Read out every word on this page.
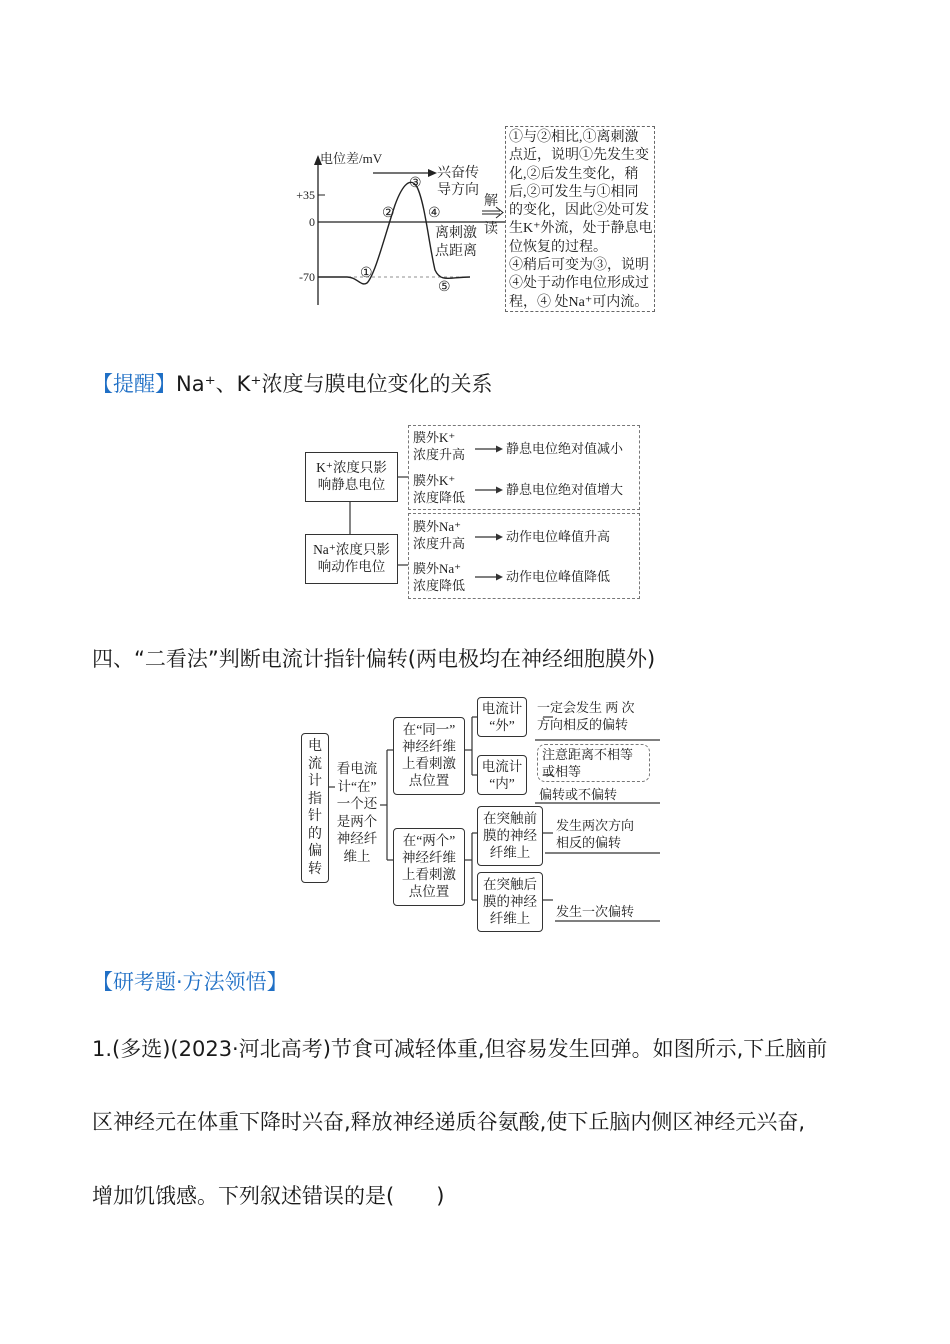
+35
0
-70
电位差/mV
①
②
③
④
⑤
兴奋传
导方向
离刺激
点距离
解
读
①与②相比,①离刺激
点近，说明①先发生变
化,②后发生变化，稍
后,②可发生与①相同
的变化，因此②处可发
生K⁺外流，处于静息电
位恢复的过程。
④稍后可变为③，说明
④处于动作电位形成过
程，④ 处Na⁺可内流。
【提醒】Na⁺、K⁺浓度与膜电位变化的关系
K⁺浓度只影
响静息电位
Na⁺浓度只影
响动作电位
膜外K⁺
浓度升高
膜外K⁺
浓度降低
膜外Na⁺
浓度升高
膜外Na⁺
浓度降低
静息电位绝对值减小
静息电位绝对值增大
动作电位峰值升高
动作电位峰值降低
四、“二看法”判断电流计指针偏转(两电极均在神经细胞膜外)
电
流
计
指
针
的
偏
转
看电流
计“在”
一个还
是两个
神经纤
维上
在“同一”
神经纤维
上看刺激
点位置
在“两个”
神经纤维
上看刺激
点位置
电流计
“外”
电流计
“内”
在突触前
膜的神经
纤维上
在突触后
膜的神经
纤维上
一定会发生 两 次
方向相反的偏转
注意距离不相等
或相等
偏转或不偏转
发生两次方向
相反的偏转
发生一次偏转
【研考题·方法领悟】
1.(多选)(2023·河北高考)节食可减轻体重,但容易发生回弹。如图所示,下丘脑前
区神经元在体重下降时兴奋,释放神经递质谷氨酸,使下丘脑内侧区神经元兴奋,
增加饥饿感。下列叙述错误的是(　　)
